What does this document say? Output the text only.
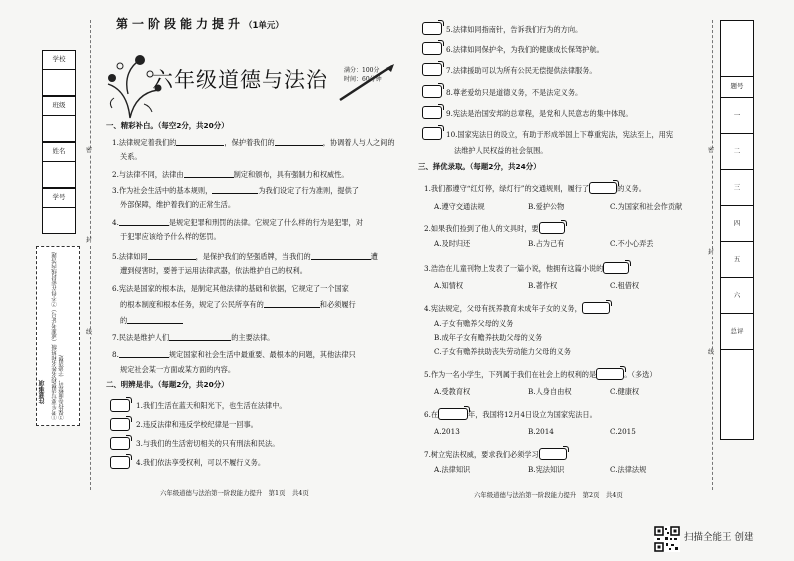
学校
班级
姓名
学号
①考生要写清楚校名姓名和班级（或准考证号）②不得在密封线内答题③保持卷面整洁，字迹清楚
注意事项
密
封
线
第一阶段能力提升（1单元）
六年级道德与法治	满分：100分
时间：60分钟
一、精彩补白。（每空2分，共20分）
1.法律规定着我们的	，保护着我们的	，协调着人与人之间的
关系。
2.与法律不同，法律由	制定和颁布，具有强制力和权威性。
3.作为社会生活中的基本规则，	为我们设定了行为准则，提供了
外部保障，维护着我们的正常生活。
4.	是规定犯罪和刑罚的法律。它规定了什么样的行为是犯罪，对
于犯罪应该给予什么样的惩罚。
5.法律如同	，是保护我们的坚强盾牌，当我们的	遭
遭到侵害时，要善于运用法律武器，依法维护自己的权利。
6.宪法是国家的根本法，是制定其他法律的基础和依据，它规定了一个国家
的根本制度和根本任务，规定了公民所享有的	和必须履行
的
7.民法是维护人们	的主要法律。
8.	规定国家和社会生活中最重要、最根本的问题，其他法律只
规定社会某一方面或某方面的内容。
二、明辨是非。（每题2分，共20分）
1.我们生活在蓝天和阳光下，也生活在法律中。
2.违反法律和违反学校纪律是一回事。
3.与我们的生活密切相关的只有刑法和民法。
4.我们依法享受权利，可以不履行义务。
六年级道德与法治第一阶段能力提升　第1页　共4页
5.法律如同指南针，告诉我们行为的方向。
6.法律如同保护伞，为我们的健康成长保驾护航。
7.法律援助可以为所有公民无偿提供法律服务。
8.尊老爱幼只是道德义务，不是法定义务。
9.宪法是治国安邦的总章程，是党和人民意志的集中体现。
10.国家宪法日的设立，有助于形成举国上下尊重宪法，宪法至上，用宪
法维护人民权益的社会氛围。
三、择优录取。（每题2分，共24分）
1.我们都遵守“红灯停，绿灯行”的交通规则，履行了	的义务。
A.遵守交通法规	B.爱护公物	C.为国家和社会作贡献
2.如果我们捡到了他人的文具时，要
A.及时归还	B.占为己有	C.不小心弄丢
3.浩浩在儿童刊物上发表了一篇小说，他拥有这篇小说的
A.知情权	B.著作权	C.租借权
4.宪法规定，父母有抚养教育未成年子女的义务，
A.子女有赡养父母的义务
B.成年子女有赡养扶助父母的义务
C.子女有赡养扶助丧失劳动能力父母的义务
5.作为一名小学生，下列属于我们在社会上的权利的是	。（多选）
A.受教育权	B.人身自由权	C.健康权
6.在	年，我国将12月4日设立为国家宪法日。
A.2013	B.2014	C.2015
7.树立宪法权威，要求我们必须学习
A.法律知识	B.宪法知识	C.法律法规
六年级道德与法治第一阶段能力提升　第2页　共4页
密
封
线
题号
一
二
三
四
五
六
总评
扫描全能王 创建
